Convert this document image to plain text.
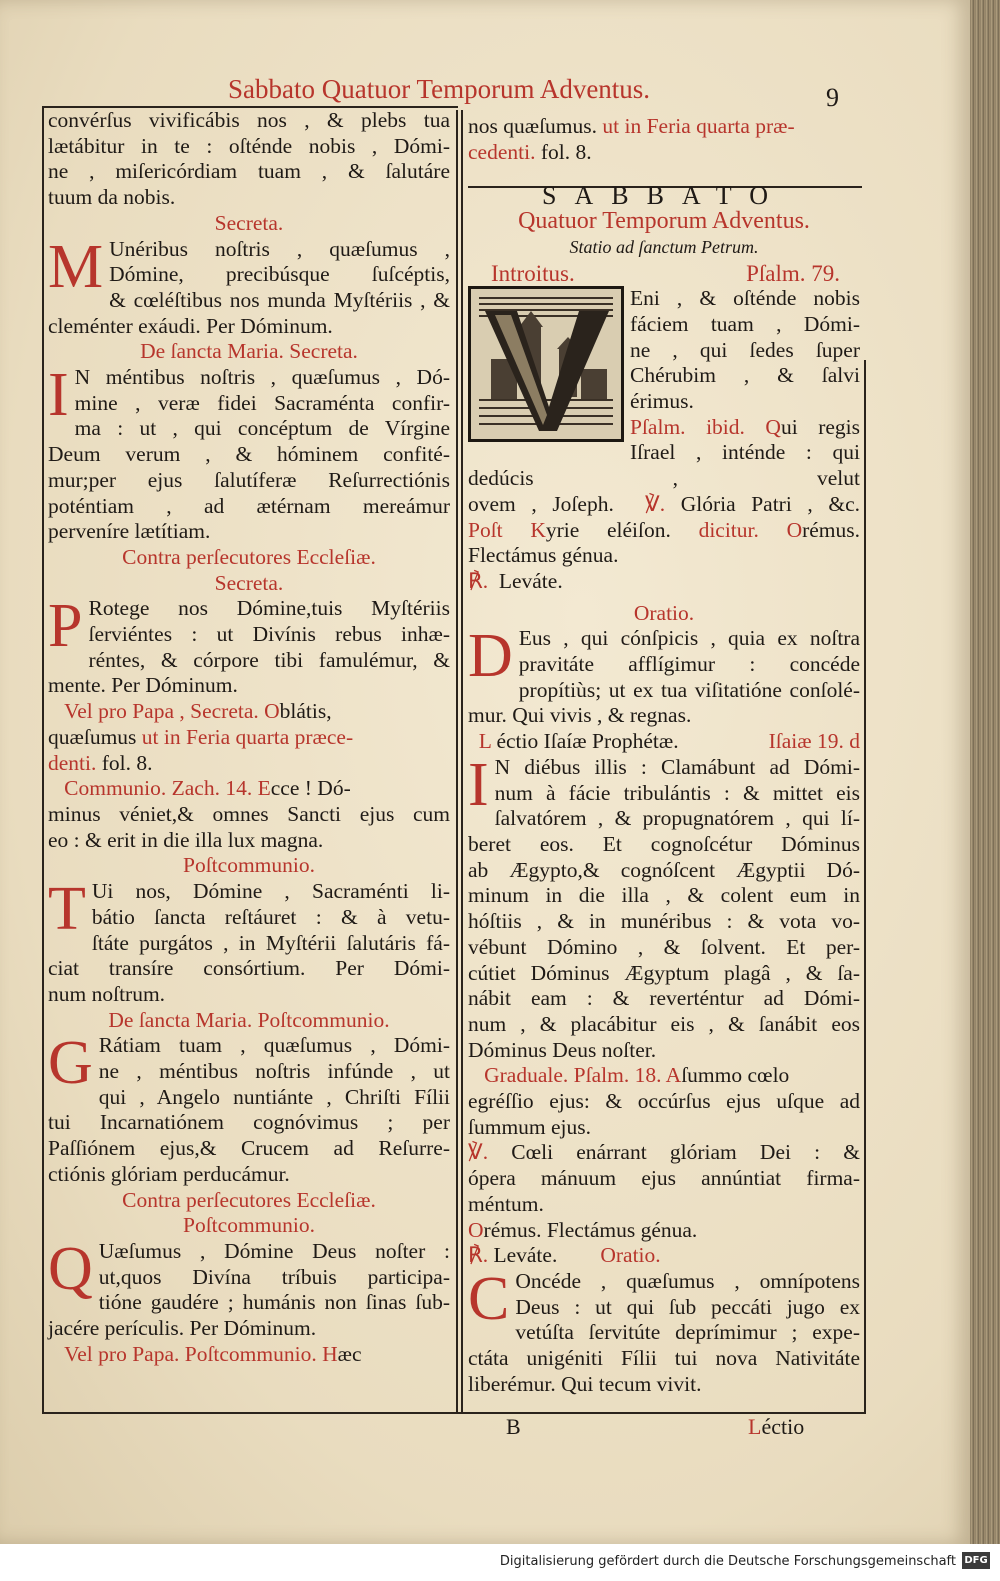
Sabbato Quatuor Temporum Adventus.	9

convérſus vivificábis nos , & plebs tua

lætábitur in te : oſténde nobis , Dómi-

ne , miſericórdiam tuam , & ſalutáre

tuum da nobis.

Secreta.

M Unéribus noſtris , quæſumus ,

Dómine, precibúsque ſuſcéptis,

& cœléſtibus nos munda Myſtériis , &

cleménter exáudi. Per Dóminum.

De ſancta Maria. Secreta.

I N méntibus noſtris , quæſumus , Dó-

mine , veræ fidei Sacraménta confir-

ma : ut , qui concéptum de Vírgine

Deum verum , & hóminem confité-

mur;per ejus ſalutíferæ Reſurrectiónis

poténtiam , ad ætérnam mereámur

perveníre lætítiam.

Contra perſecutores Eccleſiæ.

Secreta.

P Rotege nos Dómine,tuis Myſtériis

ſerviéntes : ut Divínis rebus inhæ-

réntes, & córpore tibi famulémur, &

mente. Per Dóminum.

Vel pro Papa , Secreta. Oblátis,

quæſumus ut in Feria quarta præce-

denti. fol. 8.

Communio. Zach. 14. Ecce ! Dó-

minus véniet,& omnes Sancti ejus cum

eo : & erit in die illa lux magna.

Poſtcommunio.

T Ui nos, Dómine , Sacraménti li-

bátio ſancta reſtáuret : & à vetu-

ſtáte purgátos , in Myſtérii ſalutáris fá-

ciat transíre consórtium. Per Dómi-

num noſtrum.

De ſancta Maria. Poſtcommunio.

G Rátiam tuam , quæſumus , Dómi-

ne , méntibus noſtris infúnde , ut

qui , Angelo nuntiánte , Chriſti Fílii

tui Incarnatiónem cognóvimus ; per

Paſſiónem ejus,& Crucem ad Reſurre-

ctiónis glóriam perducámur.

Contra perſecutores Eccleſiæ.

Poſtcommunio.

Q Uæſumus , Dómine Deus noſter :

ut,quos Divína tríbuis participa-

tióne gaudére ; humánis non ſinas ſub-

jacére perículis. Per Dóminum.

Vel pro Papa. Poſtcommunio. Hæc

nos quæſumus. ut in Feria quarta præ-

cedenti. fol. 8.

SABBATO

Quatuor Temporum Adventus.

Statio ad ſanctum Petrum.

Introitus.	Pſalm. 79.

Eni , & oſténde nobis

fáciem tuam , Dómi-

ne , qui ſedes ſuper

Chérubim , & ſalvi

érimus.

Pſalm. ibid. Qui regis

Iſrael , inténde : qui dedúcis , velut

ovem , Joſeph. ℣. Glória Patri , &c.

Poſt Kyrie eléiſon. dicitur. Orémus.

Flectámus génua.

℟. Leváte.

Oratio.

D Eus , qui cónſpicis , quia ex noſtra

pravitáte afflígimur : concéde

propítiùs; ut ex tua viſitatióne conſolé-

mur. Qui vivis , & regnas.

L éctio Iſaíæ Prophétæ.	Iſaiæ 19. d

I N diébus illis : Clamábunt ad Dómi-

num à fácie tribulántis : & mittet eis

ſalvatórem , & propugnatórem , qui lí-

beret eos. Et cognoſcétur Dóminus

ab Ægypto,& cognóſcent Ægyptii Dó-

minum in die illa , & colent eum in

hóſtiis , & in munéribus : & vota vo-

vébunt Dómino , & ſolvent. Et per-

cútiet Dóminus Ægyptum plagâ , & ſa-

nábit eam : & reverténtur ad Dómi-

num , & placábitur eis , & ſanábit eos

Dóminus Deus noſter.

Graduale. Pſalm. 18. Aſummo cœlo

egréſſio ejus: & occúrſus ejus uſque ad

ſummum ejus.

℣. Cœli enárrant glóriam Dei : &

ópera mánuum ejus annúntiat firma-

méntum.

Orémus. Flectámus génua.

℟. Leváte. Oratio.

C Oncéde , quæſumus , omnípotens

Deus : ut qui ſub peccáti jugo ex

vetúſta ſervitúte deprímimur ; expe-

ctáta unigéniti Fílii tui nova Nativitáte

liberémur. Qui tecum vivit.

B	Léctio
Digitalisierung gefördert durch die Deutsche Forschungsgemeinschaft DFG
